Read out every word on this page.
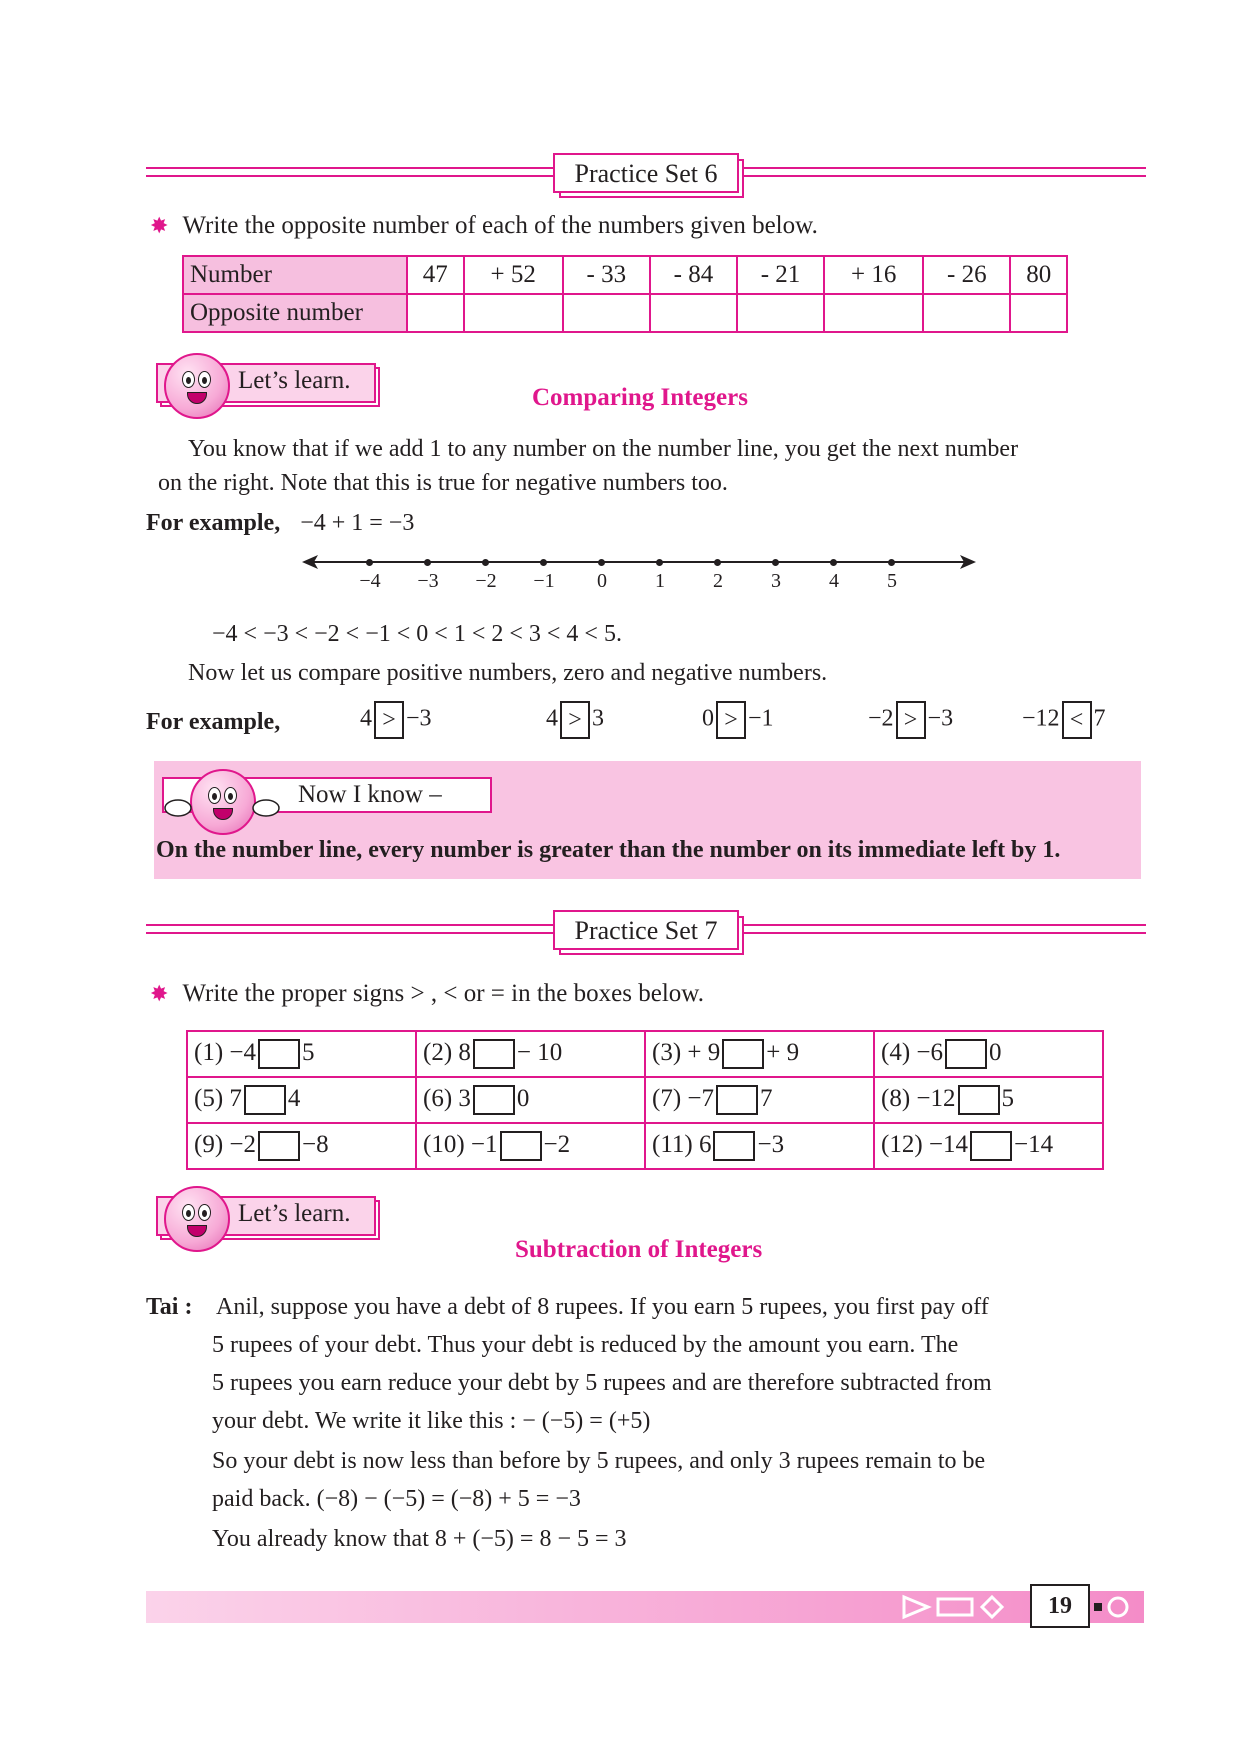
Practice Set 6
✸ Write the opposite number of each of the numbers given below.
Number	47	+ 52	- 33	- 84	- 21	+ 16	- 26	80
Opposite number								
Let’s learn.
Comparing Integers
You know that if we add 1 to any number on the number line, you get the next number
on the right. Note that this is true for negative numbers too.
For example, −4 + 1 = −3
−4	−3	−2	−1	0	1	2	3	4	5
−4 < −3 < −2 < −1 < 0 < 1 < 2 < 3 < 4 < 5.
Now let us compare positive numbers, zero and negative numbers.
For example,	4 > −3	4 > 3	0 > −1	−2 > −3	−12 < 7
Now I know –
On the number line, every number is greater than the number on its immediate left by 1.
Practice Set 7
✸ Write the proper signs > , < or = in the boxes below.
(1) −4 5	(2) 8 − 10	(3) + 9 + 9	(4) −6 0
(5) 7 4	(6) 3 0	(7) −7 7	(8) −12 5
(9) −2 −8	(10) −1 −2	(11) 6 −3	(12) −14 −14
Let’s learn.
Subtraction of Integers
Tai : Anil, suppose you have a debt of 8 rupees. If you earn 5 rupees, you first pay off
5 rupees of your debt. Thus your debt is reduced by the amount you earn. The
5 rupees you earn reduce your debt by 5 rupees and are therefore subtracted from
your debt. We write it like this : − (−5) = (+5)
So your debt is now less than before by 5 rupees, and only 3 rupees remain to be
paid back. (−8) − (−5) = (−8) + 5 = −3
You already know that 8 + (−5) = 8 − 5 = 3
19
